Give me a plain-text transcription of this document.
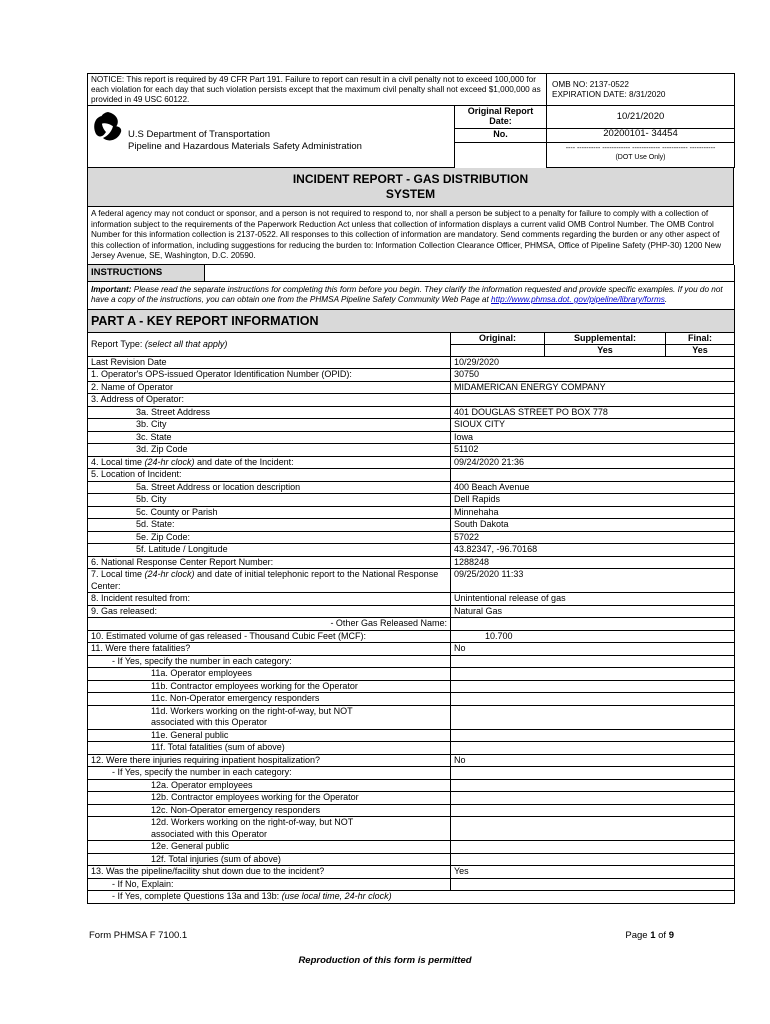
NOTICE: This report is required by 49 CFR Part 191. Failure to report can result in a civil penalty not to exceed 100,000 for each violation for each day that such violation persists except that the maximum civil penalty shall not exceed $1,000,000 as provided in 49 USC 60122.	
OMB NO: 2137-0522
EXPIRATION DATE: 8/31/2020
U.S Department of Transportation
Pipeline and Hazardous Materials Safety Administration	Original Report Date:	10/21/2020
	No.	20200101- 34454

		---- ---------- ------------ ------------ ----------- -----------
(DOT Use Only)
INCIDENT REPORT - GAS DISTRIBUTION
SYSTEM

A federal agency may not conduct or sponsor, and a person is not required to respond to, nor shall a person be subject to a penalty for failure to comply with a collection of information subject to the requirements of the Paperwork Reduction Act unless that collection of information displays a current valid OMB Control Number. The OMB Control Number for this information collection is 2137-0522. All responses to this collection of information are mandatory. Send comments regarding the burden or any other aspect of this collection of information, including suggestions for reducing the burden to: Information Collection Clearance Officer, PHMSA, Office of Pipeline Safety (PHP-30) 1200 New Jersey Avenue, SE, Washington, D.C. 20590.
INSTRUCTIONS	
Important: Please read the separate instructions for completing this form before you begin. They clarify the information requested and provide specific examples. If you do not have a copy of the instructions, you can obtain one from the PHMSA Pipeline Safety Community Web Page at http://www.phmsa.dot. gov/pipeline/library/forms.
PART A - KEY REPORT INFORMATION
Report Type: (select all that apply)	Original:	Supplemental:	Final:
		Yes	Yes
Last Revision Date	10/29/2020
1. Operator's OPS-issued Operator Identification Number (OPID):	30750
2. Name of Operator	MIDAMERICAN ENERGY COMPANY
3. Address of Operator:	
3a. Street Address	401 DOUGLAS STREET PO BOX 778
3b. City	SIOUX CITY
3c. State	Iowa
3d. Zip Code	51102
4. Local time (24-hr clock) and date of the Incident:	09/24/2020 21:36
5. Location of Incident:	
5a. Street Address or location description	400 Beach Avenue
5b. City	Dell Rapids
5c. County or Parish	Minnehaha
5d. State:	South Dakota
5e. Zip Code:	57022
5f. Latitude / Longitude	43.82347, -96.70168
6. National Response Center Report Number:	1288248
7. Local time (24-hr clock) and date of initial telephonic report to the National Response Center:	09/25/2020 11:33
8. Incident resulted from:	Unintentional release of gas
9. Gas released:	Natural Gas
- Other Gas Released Name:	
10. Estimated volume of gas released - Thousand Cubic Feet (MCF):	10.700
11. Were there fatalities?	No
- If Yes, specify the number in each category:	
11a. Operator employees	
11b. Contractor employees working for the Operator	
11c. Non-Operator emergency responders	
11d. Workers working on the right-of-way, but NOT associated with this Operator	
11e. General public	
11f. Total fatalities (sum of above)	
12. Were there injuries requiring inpatient hospitalization?	No
- If Yes, specify the number in each category:	
12a. Operator employees	
12b. Contractor employees working for the Operator	
12c. Non-Operator emergency responders	
12d. Workers working on the right-of-way, but NOT associated with this Operator	
12e. General public	
12f. Total injuries (sum of above)	
13. Was the pipeline/facility shut down due to the incident?	Yes
- If No, Explain:	
- If Yes, complete Questions 13a and 13b: (use local time, 24-hr clock)	
Form PHMSA F 7100.1	Page 1 of 9
Reproduction of this form is permitted
